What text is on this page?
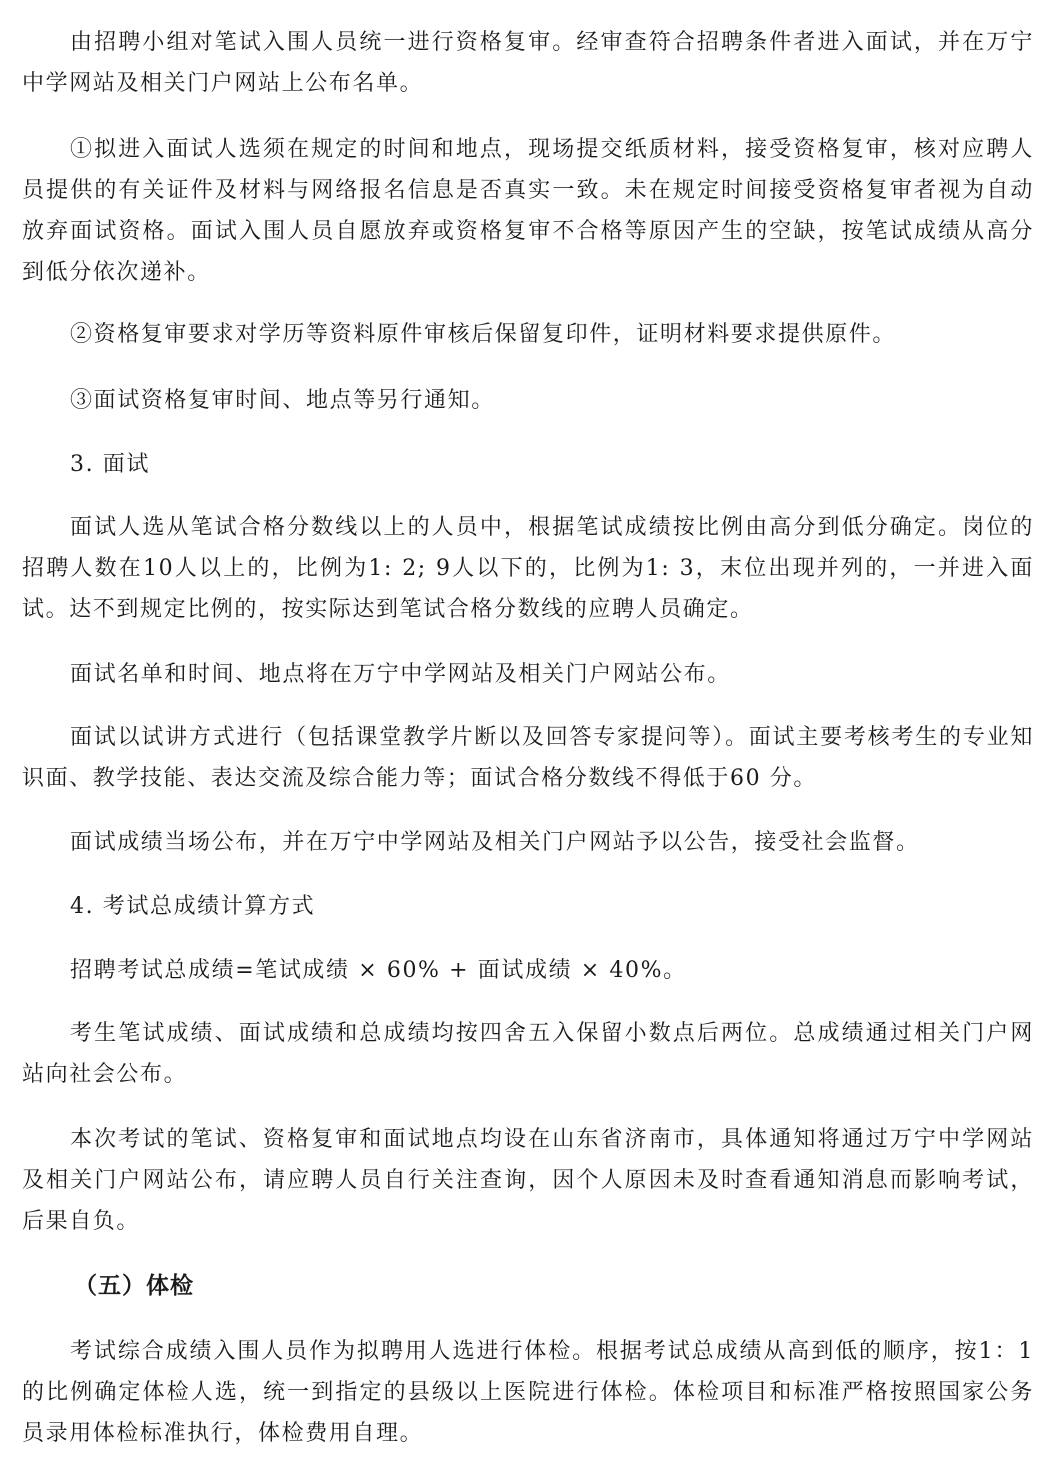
由招聘小组对笔试入围人员统一进行资格复审。经审查符合招聘条件者进入面试，并在万宁中学网站及相关门户网站上公布名单。

①拟进入面试人选须在规定的时间和地点，现场提交纸质材料，接受资格复审，核对应聘人员提供的有关证件及材料与网络报名信息是否真实一致。未在规定时间接受资格复审者视为自动放弃面试资格。面试入围人员自愿放弃或资格复审不合格等原因产生的空缺，按笔试成绩从高分到低分依次递补。

②资格复审要求对学历等资料原件审核后保留复印件，证明材料要求提供原件。

③面试资格复审时间、地点等另行通知。

3. 面试

面试人选从笔试合格分数线以上的人员中，根据笔试成绩按比例由高分到低分确定。岗位的招聘人数在10人以上的，比例为1: 2; 9人以下的，比例为1: 3，末位出现并列的，一并进入面试。达不到规定比例的，按实际达到笔试合格分数线的应聘人员确定。

面试名单和时间、地点将在万宁中学网站及相关门户网站公布。

面试以试讲方式进行（包括课堂教学片断以及回答专家提问等）。面试主要考核考生的专业知识面、教学技能、表达交流及综合能力等；面试合格分数线不得低于60 分。

面试成绩当场公布，并在万宁中学网站及相关门户网站予以公告，接受社会监督。

4. 考试总成绩计算方式

招聘考试总成绩=笔试成绩 × 60% + 面试成绩 × 40%。

考生笔试成绩、面试成绩和总成绩均按四舍五入保留小数点后两位。总成绩通过相关门户网站向社会公布。

本次考试的笔试、资格复审和面试地点均设在山东省济南市，具体通知将通过万宁中学网站及相关门户网站公布，请应聘人员自行关注查询，因个人原因未及时查看通知消息而影响考试，后果自负。

（五）体检

考试综合成绩入围人员作为拟聘用人选进行体检。根据考试总成绩从高到低的顺序，按1：1 的比例确定体检人选，统一到指定的县级以上医院进行体检。体检项目和标准严格按照国家公务员录用体检标准执行，体检费用自理。
